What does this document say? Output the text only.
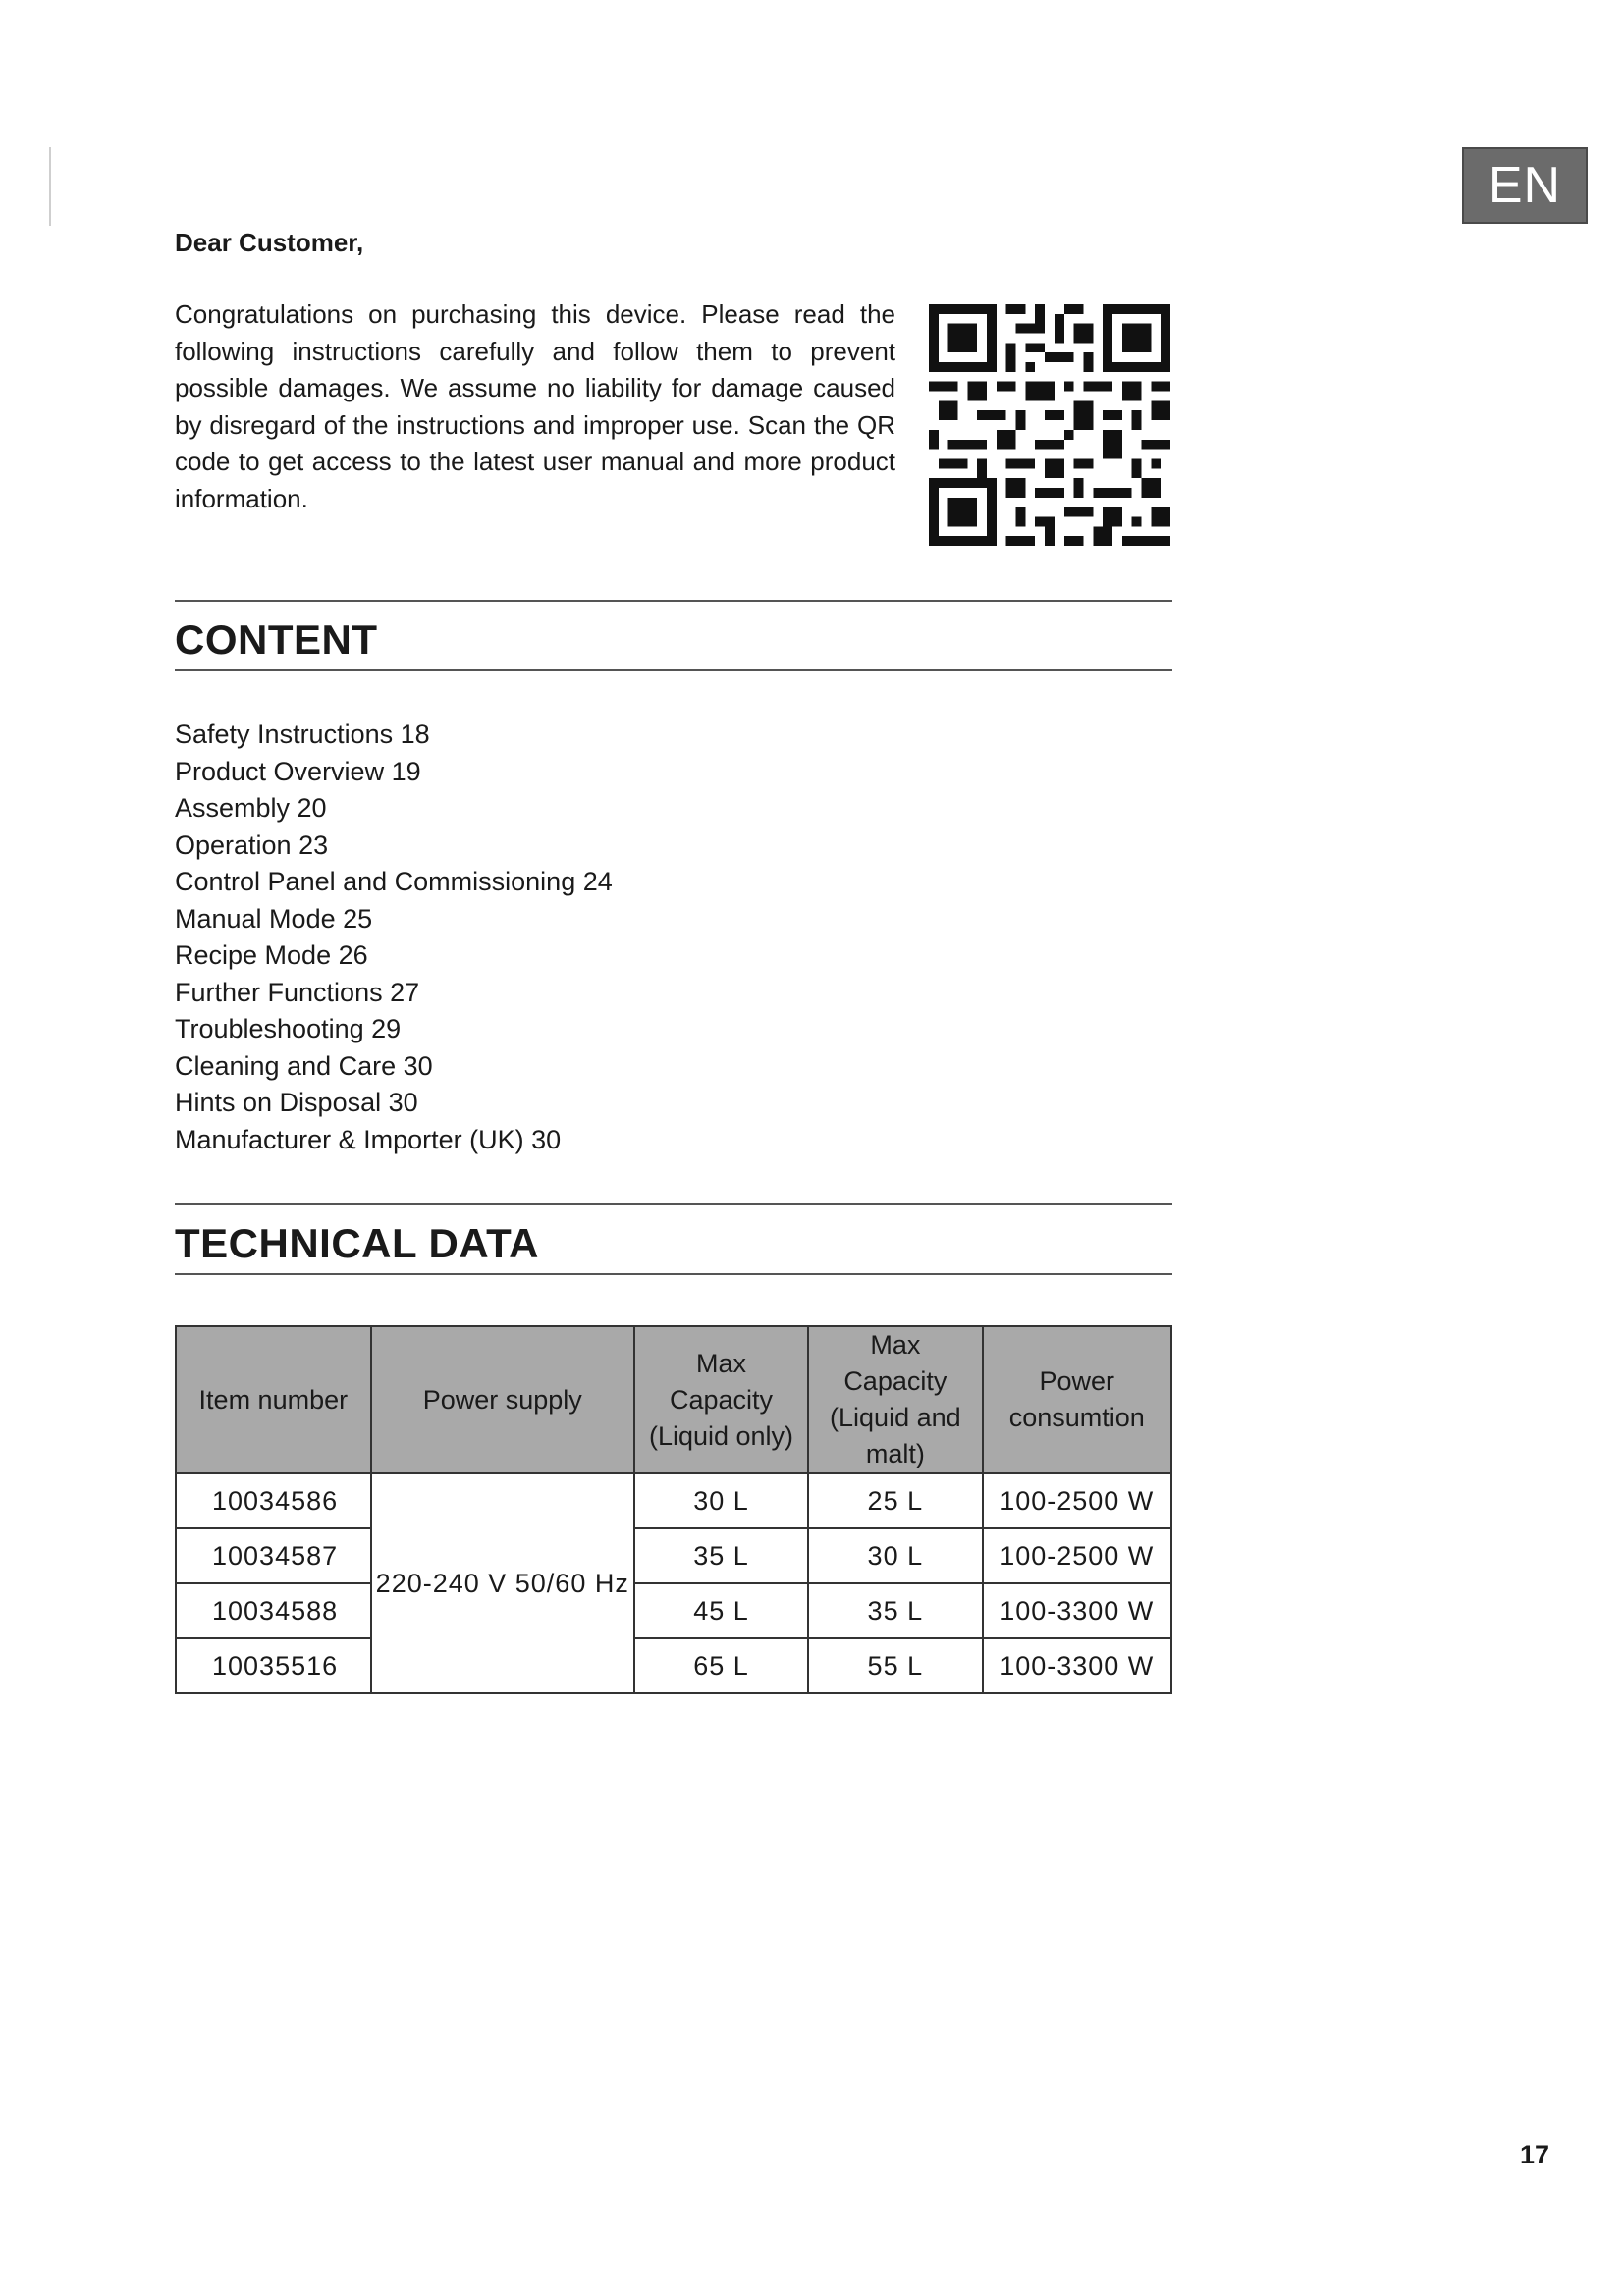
EN
Dear Customer,

Congratulations on purchasing this device. Please read the following instructions carefully and follow them to prevent possible damages. We assume no liability for damage caused by disregard of the instructions and improper use. Scan the QR code to get access to the latest user manual and more product information.

CONTENT
Safety Instructions 18
Product Overview 19
Assembly 20
Operation 23
Control Panel and Commissioning 24
Manual Mode 25
Recipe Mode 26
Further Functions 27
Troubleshooting 29
Cleaning and Care 30
Hints on Disposal 30
Manufacturer & Importer (UK) 30
TECHNICAL DATA
Item number	Power supply	Max Capacity (Liquid only)	Max Capacity (Liquid and malt)	Power consumtion
10034586	220-240 V 50/60 Hz	30 L	25 L	100-2500 W
10034587		35 L	30 L	100-2500 W
10034588		45 L	35 L	100-3300 W
10035516		65 L	55 L	100-3300 W
17
